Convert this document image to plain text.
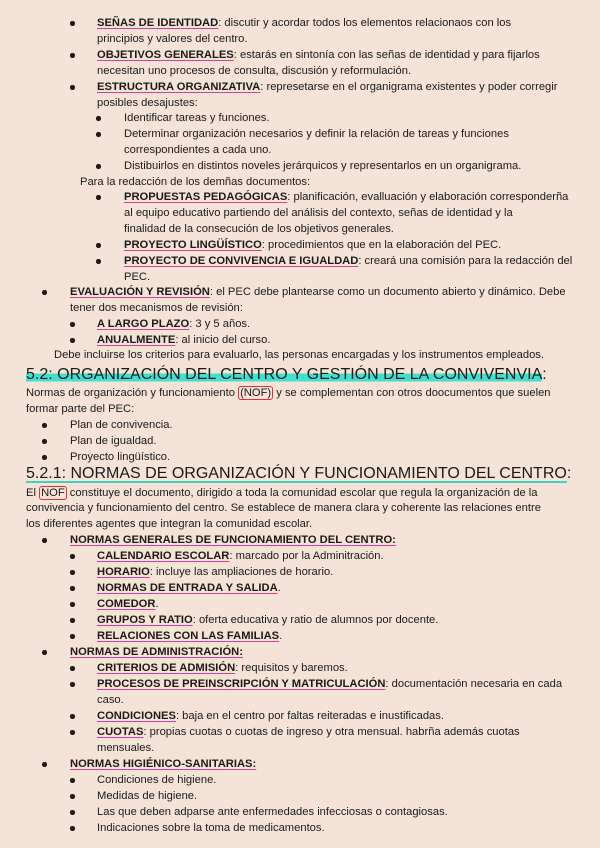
SEÑAS DE IDENTIDAD: discutir y acordar todos los elementos relacionaos con los
principios y valores del centro.
OBJETIVOS GENERALES: estarás en sintonía con las señas de identidad y para fijarlos
necesitan uno procesos de consulta, discusión y reformulación.
ESTRUCTURA ORGANIZATIVA: represetarse en el organigrama existentes y poder corregir
posibles desajustes:
Identificar tareas y funciones.
Determinar organización necesarios y definir la relación de tareas y funciones
correspondientes a cada uno.
Distibuirlos en distintos noveles jerárquicos y representarlos en un organigrama.
Para la redacción de los demñas documentos:
PROPUESTAS PEDAGÓGICAS: planificación, evalluación y elaboración corresponderña
al equipo educativo partiendo del análisis del contexto, señas de identidad y la
finalidad de la consecución de los objetivos generales.
PROYECTO LINGÜÍSTICO: procedimientos que en la elaboración del PEC.
PROYECTO DE CONVIVENCIA E IGUALDAD: creará una comisión para la redacción del
PEC.
EVALUACIÓN Y REVISIÓN: el PEC debe plantearse como un documento abierto y dinámico. Debe
tener dos mecanismos de revisión:
A LARGO PLAZO: 3 y 5 años.
ANUALMENTE: al inicio del curso.
Debe incluirse los criterios para evaluarlo, las personas encargadas y los instrumentos empleados.
5.2: ORGANIZACIÓN DEL CENTRO Y GESTIÓN DE LA CONVIVENVIA:
Normas de organización y funcionamiento (NOF) y se complementan con otros doocumentos que suelen
formar parte del PEC:
Plan de convivencia.
Plan de igualdad.
Proyecto lingüístico.
5.2.1: NORMAS DE ORGANIZACIÓN Y FUNCIONAMIENTO DEL CENTRO:
El NOF constituye el documento, dirigido a toda la comunidad escolar que regula la organización de la
convivencia y funcionamiento del centro. Se establece de manera clara y coherente las relaciones entre
los diferentes agentes que integran la comunidad escolar.
NORMAS GENERALES DE FUNCIONAMIENTO DEL CENTRO:
CALENDARIO ESCOLAR: marcado por la Adminitración.
HORARIO: incluye las ampliaciones de horario.
NORMAS DE ENTRADA Y SALIDA.
COMEDOR.
GRUPOS Y RATIO: oferta educativa y ratio de alumnos por docente.
RELACIONES CON LAS FAMILIAS.
NORMAS DE ADMINISTRACIÓN:
CRITERIOS DE ADMISIÓN: requisitos y baremos.
PROCESOS DE PREINSCRIPCIÓN Y MATRICULACIÓN: documentación necesaria en cada
caso.
CONDICIONES: baja en el centro por faltas reiteradas e inustificadas.
CUOTAS: propias cuotas o cuotas de ingreso y otra mensual. habrña además cuotas
mensuales.
NORMAS HIGIÉNICO-SANITARIAS:
Condiciones de higiene.
Medidas de higiene.
Las que deben adparse ante enfermedades infecciosas o contagiosas.
Indicaciones sobre la toma de medicamentos.
